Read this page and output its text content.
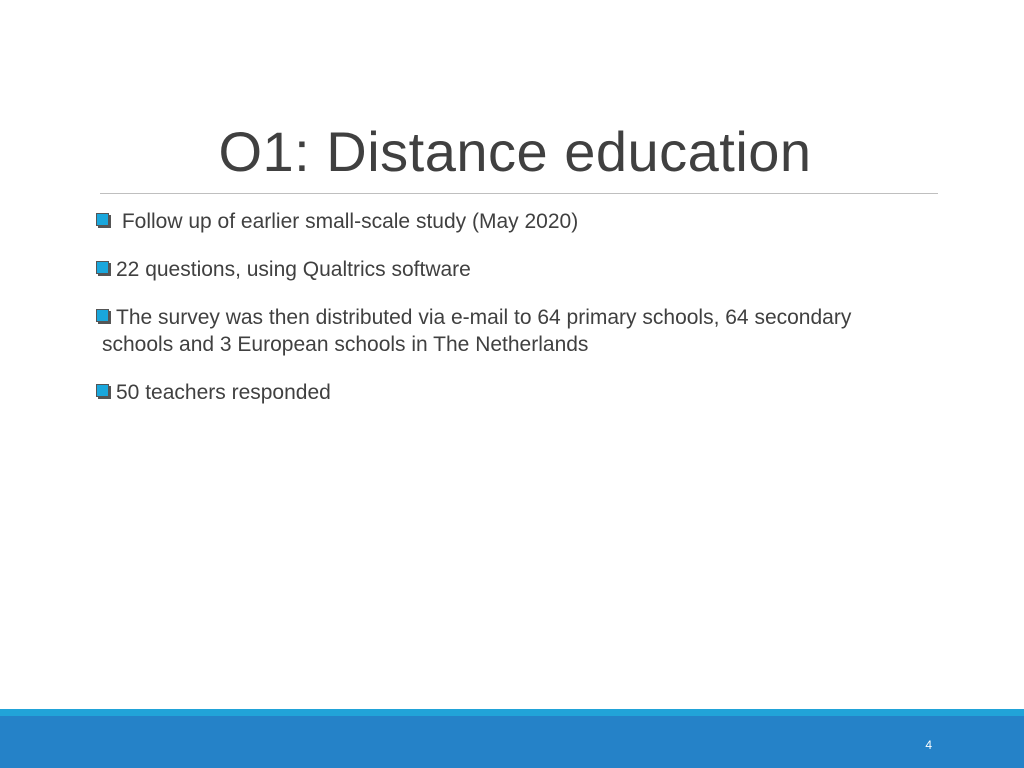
O1: Distance education
Follow up of earlier small-scale study (May 2020)
22 questions, using Qualtrics software
The survey was then distributed via e-mail to 64 primary schools, 64 secondary
schools and 3 European schools in The Netherlands
50 teachers responded
4
